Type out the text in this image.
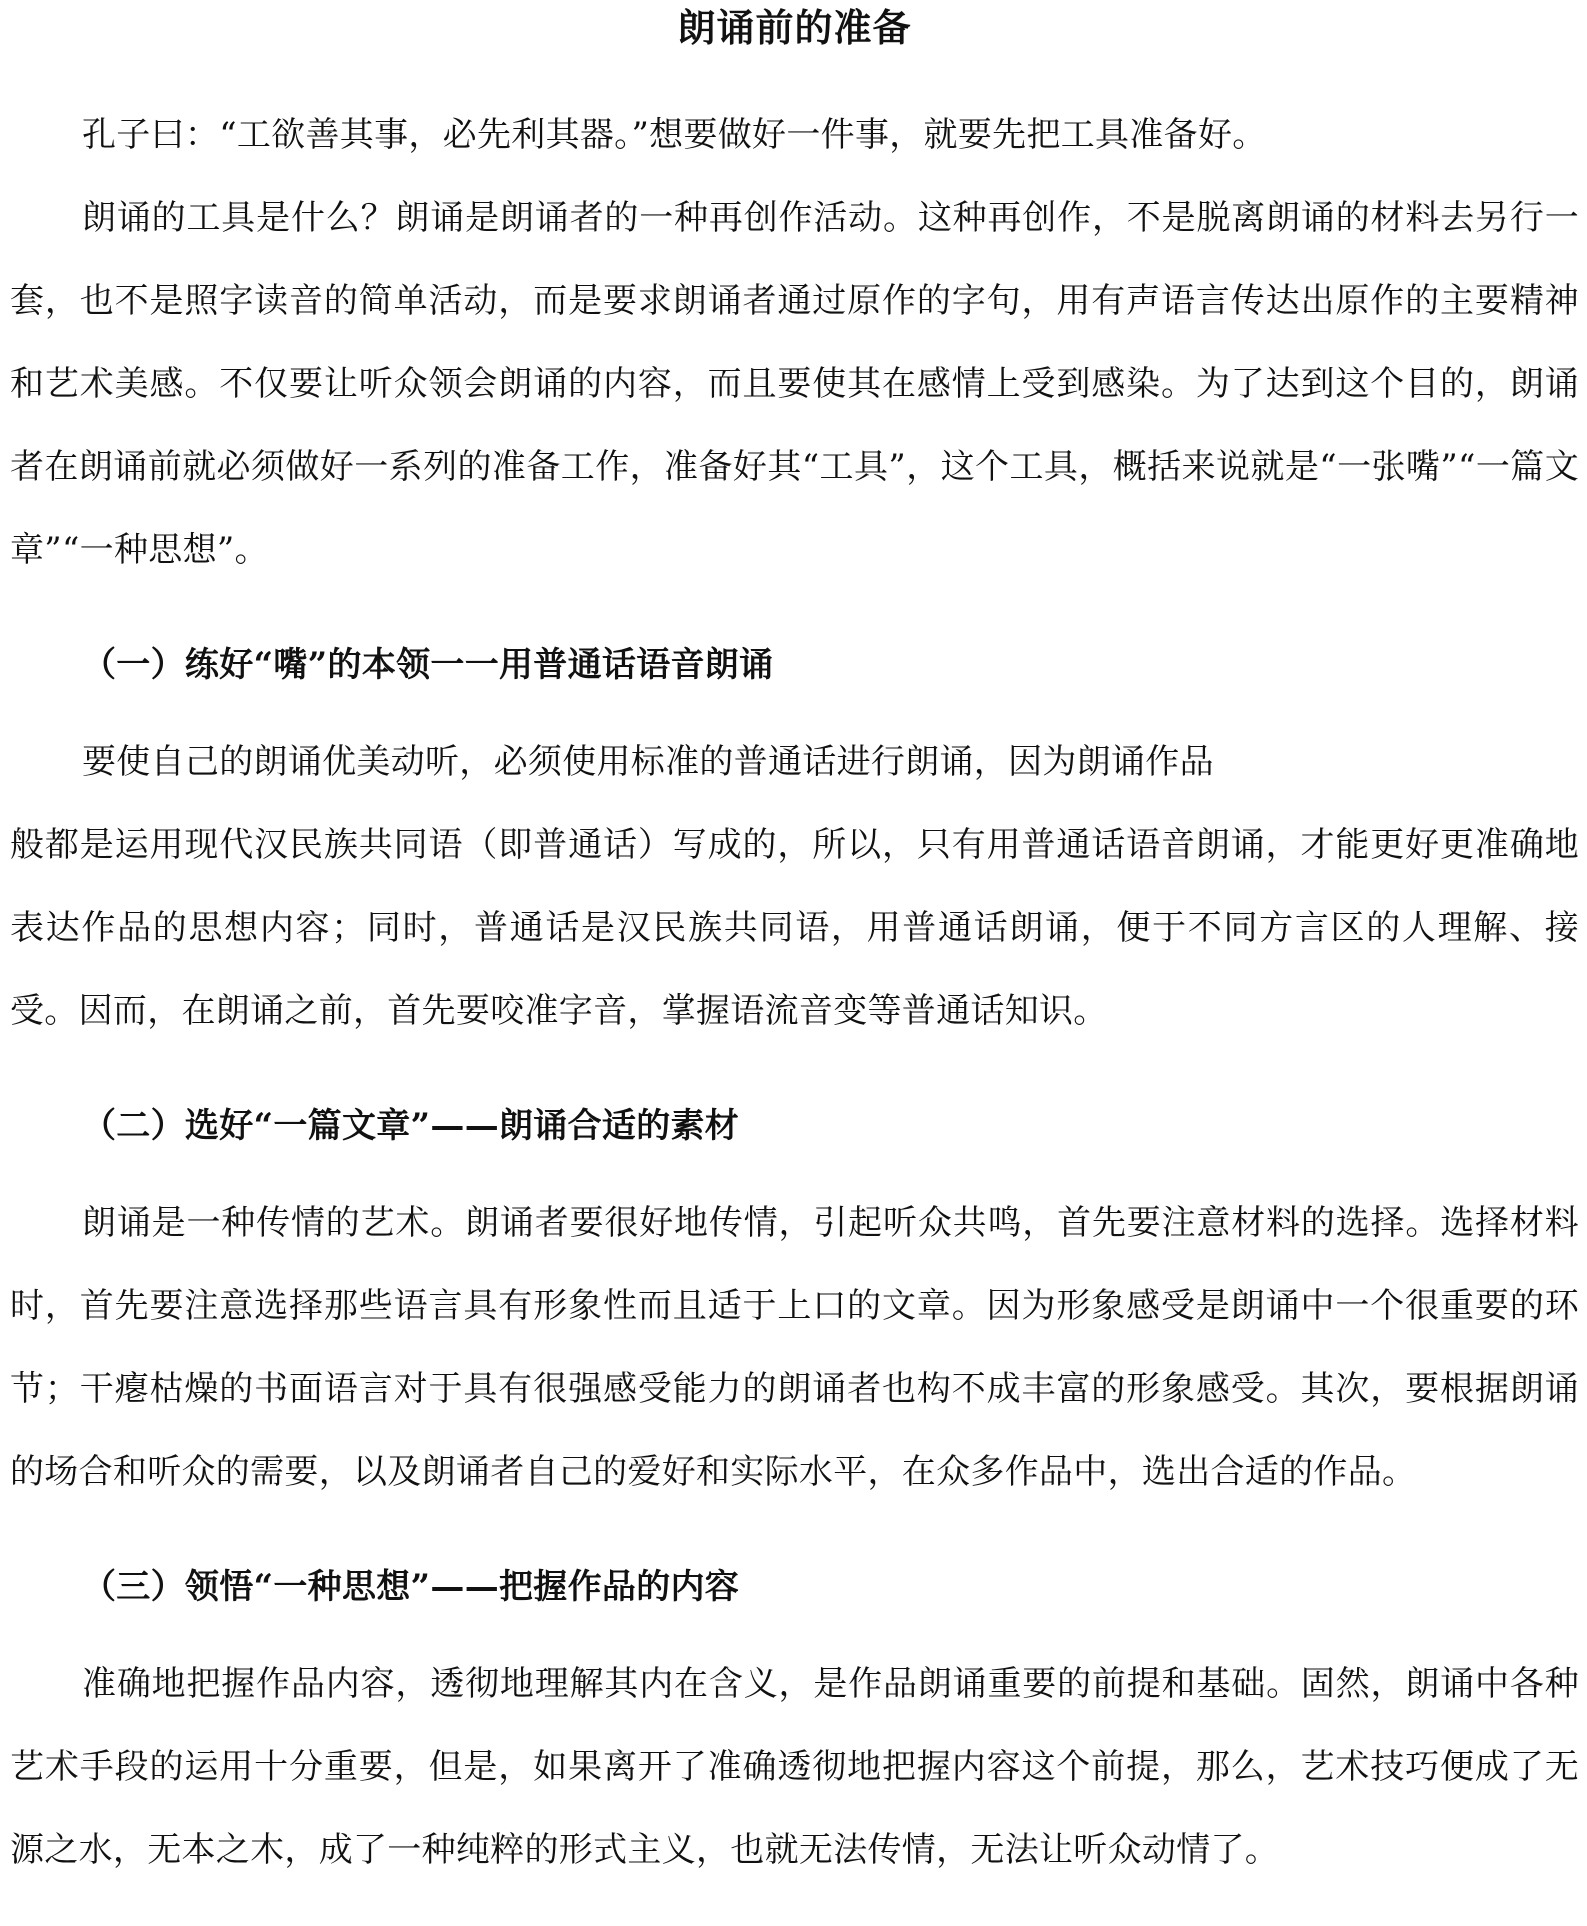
朗诵前的准备

孔子曰：“工欲善其事，必先利其器。”想要做好一件事，就要先把工具准备好。

朗诵的工具是什么？朗诵是朗诵者的一种再创作活动。这种再创作，不是脱离朗诵的材料去另行一套，也不是照字读音的简单活动，而是要求朗诵者通过原作的字句，用有声语言传达出原作的主要精神和艺术美感。不仅要让听众领会朗诵的内容，而且要使其在感情上受到感染。为了达到这个目的，朗诵者在朗诵前就必须做好一系列的准备工作，准备好其“工具”，这个工具，概括来说就是“一张嘴”“一篇文章”“一种思想”。

（一）练好“嘴”的本领一一用普通话语音朗诵

要使自己的朗诵优美动听，必须使用标准的普通话进行朗诵，因为朗诵作品

般都是运用现代汉民族共同语（即普通话）写成的，所以，只有用普通话语音朗诵，才能更好更准确地表达作品的思想内容；同时，普通话是汉民族共同语，用普通话朗诵，便于不同方言区的人理解、接受。因而，在朗诵之前，首先要咬准字音，掌握语流音变等普通话知识。

（二）选好“一篇文章”——朗诵合适的素材

朗诵是一种传情的艺术。朗诵者要很好地传情，引起听众共鸣，首先要注意材料的选择。选择材料时，首先要注意选择那些语言具有形象性而且适于上口的文章。因为形象感受是朗诵中一个很重要的环节；干瘪枯燥的书面语言对于具有很强感受能力的朗诵者也构不成丰富的形象感受。其次，要根据朗诵的场合和听众的需要，以及朗诵者自己的爱好和实际水平，在众多作品中，选出合适的作品。

（三）领悟“一种思想”——把握作品的内容

准确地把握作品内容，透彻地理解其内在含义，是作品朗诵重要的前提和基础。固然，朗诵中各种艺术手段的运用十分重要，但是，如果离开了准确透彻地把握内容这个前提，那么，艺术技巧便成了无源之水，无本之木，成了一种纯粹的形式主义，也就无法传情，无法让听众动情了。
